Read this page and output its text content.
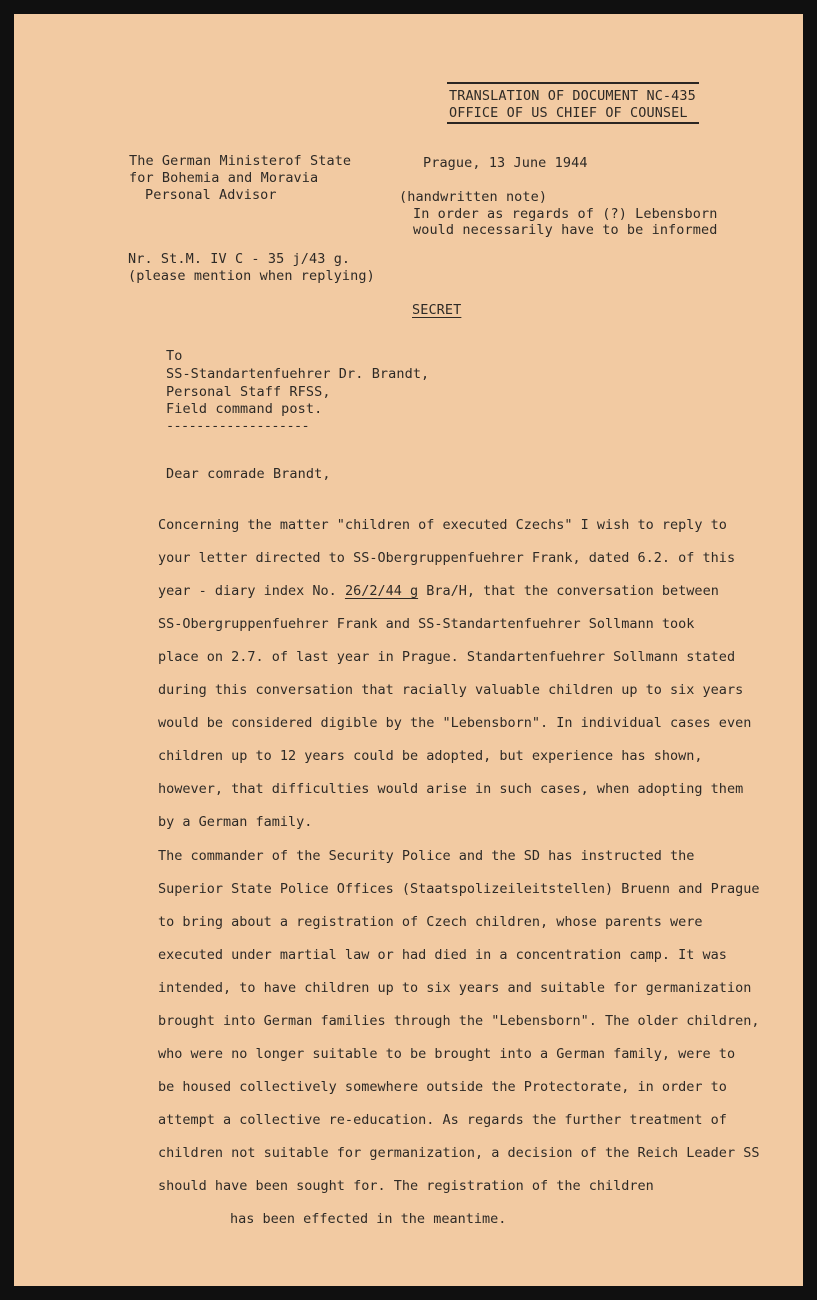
TRANSLATION OF DOCUMENT NC-435
OFFICE OF US CHIEF OF COUNSEL
The German Ministerof State
for Bohemia and Moravia
Personal Advisor
Prague, 13 June 1944
(handwritten note)
In order as regards of (?) Lebensborn
would necessarily have to be informed
Nr. St.M. IV C - 35 j/43 g.
(please mention when replying)
SECRET
To
SS-Standartenfuehrer Dr. Brandt,
Personal Staff RFSS,
Field command post.
-------------------
Dear comrade Brandt,
Concerning the matter "children of executed Czechs" I wish to reply to
your letter directed to SS-Obergruppenfuehrer Frank, dated 6.2. of this
year - diary index No. 26/2/44 g Bra/H, that the conversation between
SS-Obergruppenfuehrer Frank and SS-Standartenfuehrer Sollmann took
place on 2.7. of last year in Prague. Standartenfuehrer Sollmann stated
during this conversation that racially valuable children up to six years
would be considered digible by the "Lebensborn". In individual cases even
children up to 12 years could be adopted, but experience has shown,
however, that difficulties would arise in such cases, when adopting them
by a German family.
The commander of the Security Police and the SD has instructed the
Superior State Police Offices (Staatspolizeileitstellen) Bruenn and Prague
to bring about a registration of Czech children, whose parents were
executed under martial law or had died in a concentration camp. It was
intended, to have children up to six years and suitable for germanization
brought into German families through the "Lebensborn". The older children,
who were no longer suitable to be brought into a German family, were to
be housed collectively somewhere outside the Protectorate, in order to
attempt a collective re-education. As regards the further treatment of
children not suitable for germanization, a decision of the Reich Leader SS
should have been sought for. The registration of the children
has been effected in the meantime.
